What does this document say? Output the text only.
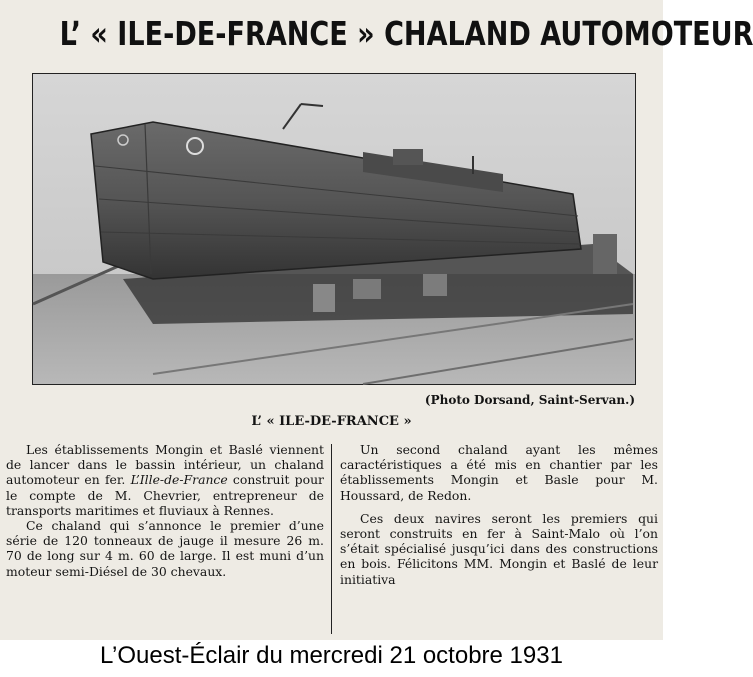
L’ « ILE-DE-FRANCE » CHALAND AUTOMOTEUR
(Photo Dorsand, Saint-Servan.)
L’ « ILE-DE-FRANCE »

Les établissements Mongin et Baslé viennent de lancer dans le bassin intérieur, un chaland automoteur en fer. L’Ille-de-France construit pour le compte de M. Chevrier, entrepreneur de transports maritimes et fluviaux à Rennes.

Ce chaland qui s’annonce le premier d’une série de 120 tonneaux de jauge il mesure 26 m. 70 de long sur 4 m. 60 de large. Il est muni d’un moteur semi-Diésel de 30 chevaux.

Un second chaland ayant les mêmes caractéristiques a été mis en chantier par les établissements Mongin et Basle pour M. Houssard, de Redon.

Ces deux navires seront les premiers qui seront construits en fer à Saint-Malo où l’on s’était spécialisé jusqu’ici dans des constructions en bois. Félicitons MM. Mongin et Baslé de leur initiativa

L’Ouest-Éclair du mercredi 21 octobre 1931
